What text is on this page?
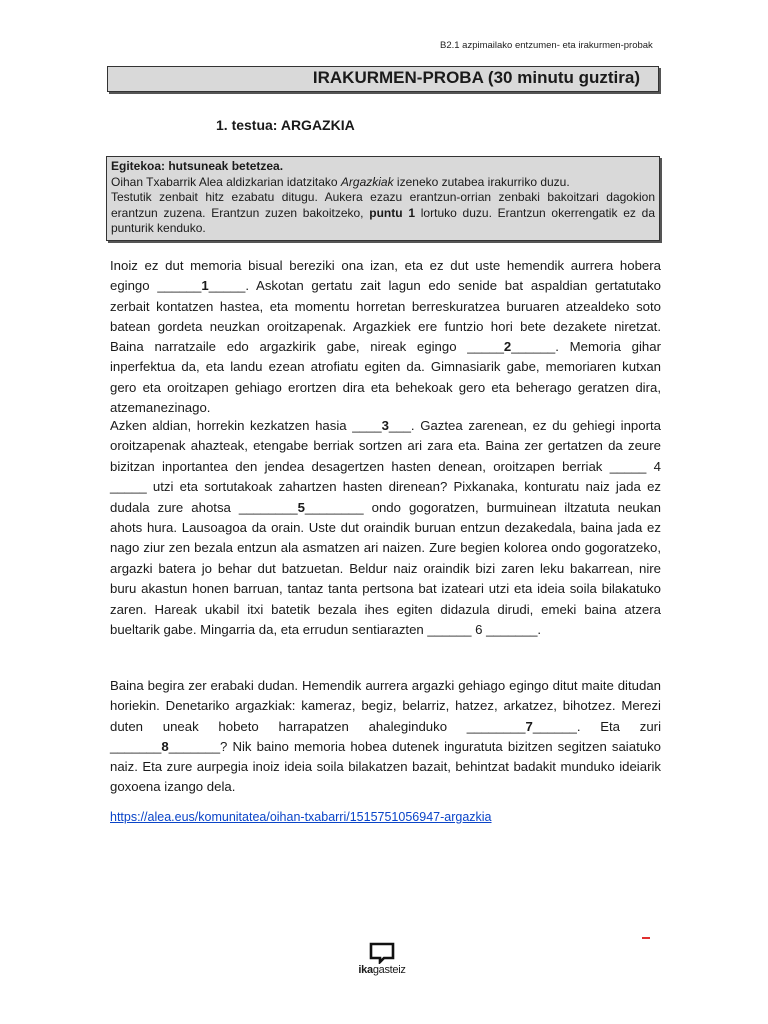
B2.1 azpimailako entzumen- eta irakurmen-probak
IRAKURMEN-PROBA (30 minutu guztira)
1. testua: ARGAZKIA
Egitekoa: hutsuneak betetzea.
Oihan Txabarrik Alea aldizkarian idatzitako Argazkiak izeneko zutabea irakurriko duzu.
Testutik zenbait hitz ezabatu ditugu. Aukera ezazu erantzun-orrian zenbaki bakoitzari dagokion erantzun zuzena. Erantzun zuzen bakoitzeko, puntu 1 lortuko duzu. Erantzun okerrengatik ez da punturik kenduko.

Inoiz ez dut memoria bisual bereziki ona izan, eta ez dut uste hemendik aurrera hobera egingo ______1_____. Askotan gertatu zait lagun edo senide bat aspaldian gertatutako zerbait kontatzen hastea, eta momentu horretan berreskuratzea buruaren atzealdeko soto batean gordeta neuzkan oroitzapenak. Argazkiek ere funtzio hori bete dezakete niretzat. Baina narratzaile edo argazkirik gabe, nireak egingo _____2______. Memoria gihar inperfektua da, eta landu ezean atrofiatu egiten da. Gimnasiarik gabe, memoriaren kutxan gero eta oroitzapen gehiago erortzen dira eta behekoak gero eta beherago geratzen dira, atzemanezinago.

Azken aldian, horrekin kezkatzen hasia ____3___. Gaztea zarenean, ez du gehiegi inporta oroitzapenak ahazteak, etengabe berriak sortzen ari zara eta. Baina zer gertatzen da zeure bizitzan inportantea den jendea desagertzen hasten denean, oroitzapen berriak _____ 4 _____ utzi eta sortutakoak zahartzen hasten direnean? Pixkanaka, konturatu naiz jada ez dudala zure ahotsa ________5________ ondo gogoratzen, burmuinean iltzatuta neukan ahots hura. Lausoagoa da orain. Uste dut oraindik buruan entzun dezakedala, baina jada ez nago ziur zen bezala entzun ala asmatzen ari naizen. Zure begien kolorea ondo gogoratzeko, argazki batera jo behar dut batzuetan. Beldur naiz oraindik bizi zaren leku bakarrean, nire buru akastun honen barruan, tantaz tanta pertsona bat izateari utzi eta ideia soila bilakatuko zaren. Hareak ukabil itxi batetik bezala ihes egiten didazula dirudi, emeki baina atzera bueltarik gabe. Mingarria da, eta errudun sentiarazten ______ 6 _______.

Baina begira zer erabaki dudan. Hemendik aurrera argazki gehiago egingo ditut maite ditudan horiekin. Denetariko argazkiak: kameraz, begiz, belarriz, hatzez, arkatzez, bihotzez. Merezi duten uneak hobeto harrapatzen ahaleginduko ________7______. Eta zuri _______8_______? Nik baino memoria hobea dutenek inguratuta bizitzen segitzen saiatuko naiz. Eta zure aurpegia inoiz ideia soila bilakatzen bazait, behintzat badakit munduko ideiarik goxoena izango dela.

https://alea.eus/komunitatea/oihan-txabarri/1515751056947-argazkia
ikagasteiz
